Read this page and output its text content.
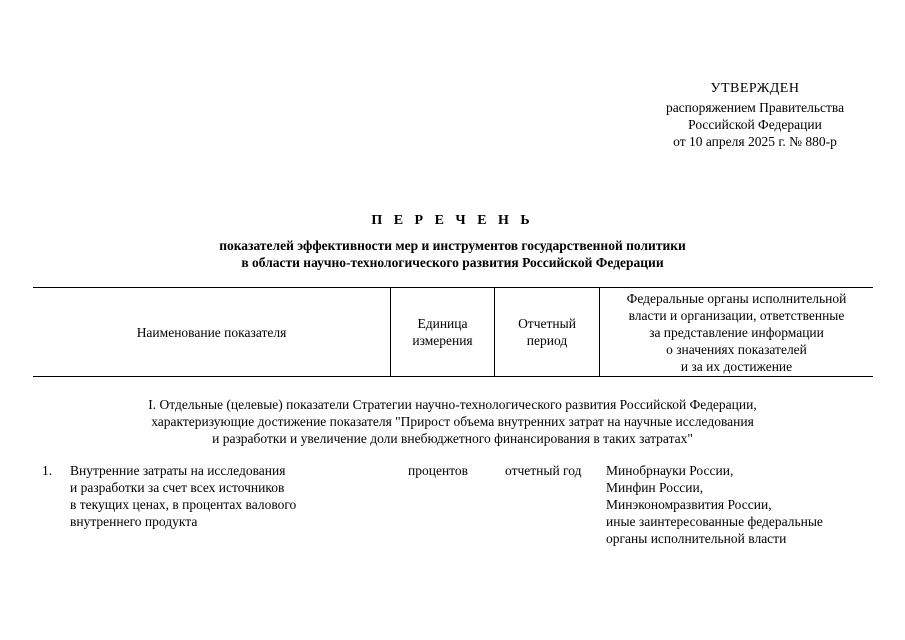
УТВЕРЖДЕН
распоряжением Правительства
Российской Федерации
от 10 апреля 2025 г. № 880-р
П Е Р Е Ч Е Н Ь
показателей эффективности мер и инструментов государственной политики
в области научно-технологического развития Российской Федерации
Наименование показателя
Единица
измерения
Отчетный
период
Федеральные органы исполнительной
власти и организации, ответственные
за представление информации
о значениях показателей
и за их достижение
I. Отдельные (целевые) показатели Стратегии научно-технологического развития Российской Федерации,
характеризующие достижение показателя "Прирост объема внутренних затрат на научные исследования
и разработки и увеличение доли внебюджетного финансирования в таких затратах"
1. Внутренние затраты на исследования
и разработки за счет всех источников
в текущих ценах, в процентах валового
внутреннего продукта
процентов	отчетный год Минобрнауки России,
Минфин России,
Минэкономразвития России,
иные заинтересованные федеральные
органы исполнительной власти
